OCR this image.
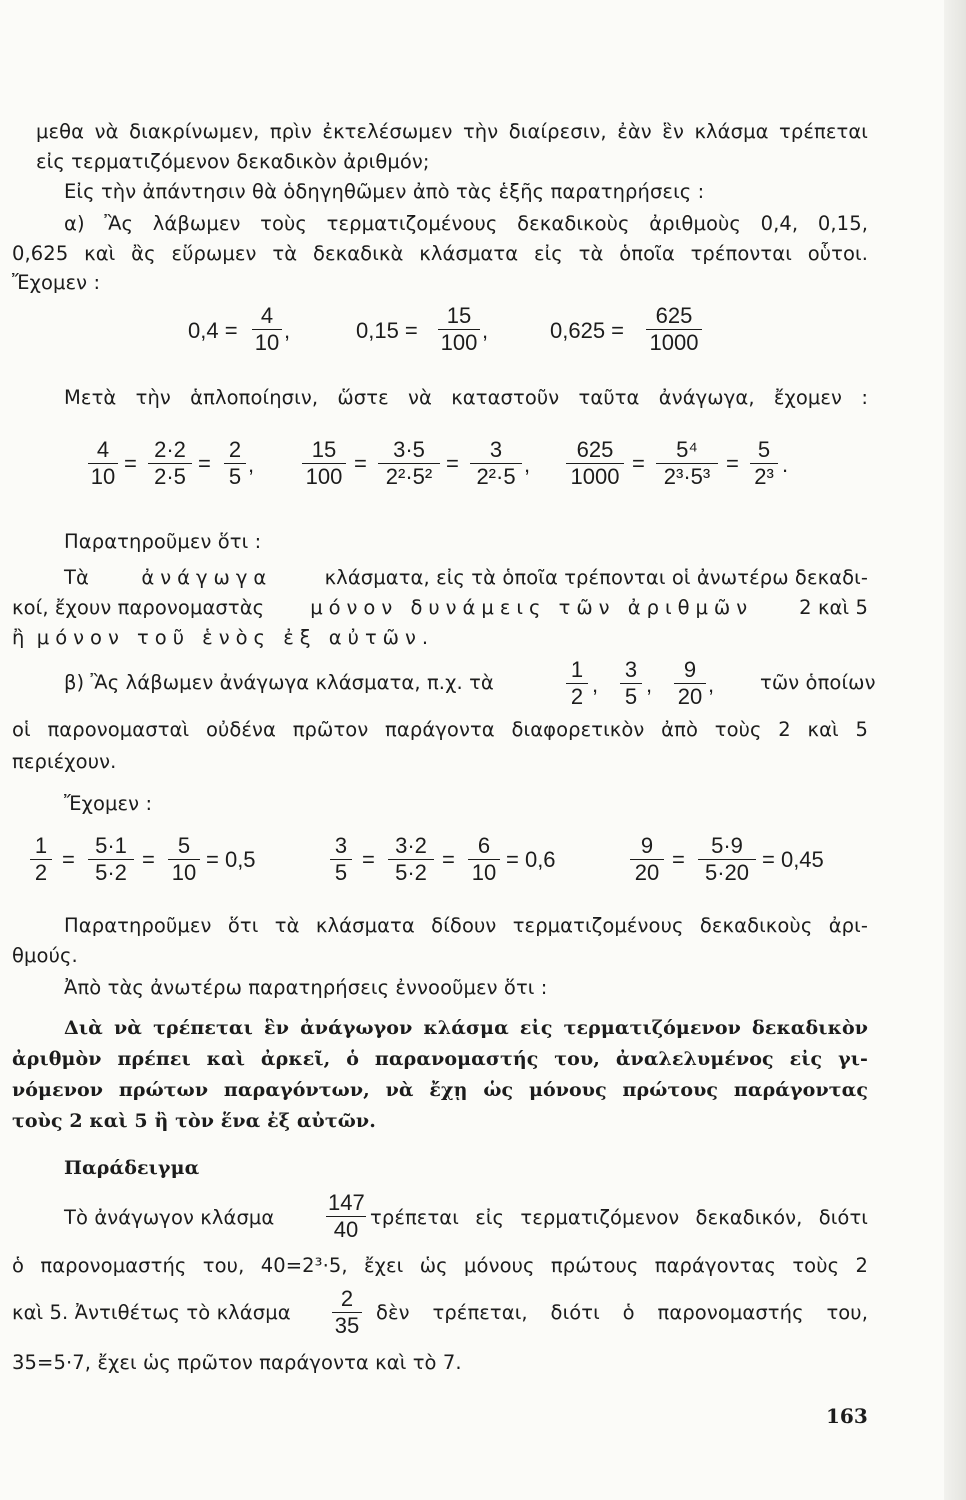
μεθα νὰ διακρίνωμεν, πρὶν ἐκτελέσωμεν τὴν διαίρεσιν, ἐὰν ἓν κλάσμα τρέπεται
εἰς τερματιζόμενον δεκαδικὸν ἀριθμόν;
Εἰς τὴν ἀπάντησιν θὰ ὁδηγηθῶμεν ἀπὸ τὰς ἑξῆς παρατηρήσεις :
α) Ἂς λάβωμεν τοὺς τερματιζομένους δεκαδικοὺς ἀριθμοὺς 0,4, 0,15,
0,625 καὶ ἂς εὕρωμεν τὰ δεκαδικὰ κλάσματα εἰς τὰ ὁποῖα τρέπονται οὗτοι.
Ἔχομεν :
$0,4 = \frac{4}{10}$ ,	$0,15 = \frac{15}{100}$ ,	$0,625 = \frac{625}{1000}$
Μετὰ τὴν ἁπλοποίησιν, ὥστε νὰ καταστοῦν ταῦτα ἀνάγωγα, ἔχομεν :
$\frac{4}{10} = \frac{2\cdot 2}{2\cdot 5} = \frac{2}{5}$ , $\frac{15}{100} = \frac{3\cdot 5}{\text{2²·5²}} = \frac{3}{\text{2²·5}}$ , $\frac{625}{1000} = \frac{\text{5⁴}}{\text{2³·5³}} = \frac{5}{\text{2³}}$ .
Παρατηροῦμεν ὅτι :
Τὰ	ἀνάγωγα	κλάσματα, εἰς τὰ ὁποῖα τρέπονται οἱ ἀνωτέρω δεκαδι-
κοί, ἔχουν παρονομαστὰς μόνον δυνάμεις τῶν ἀριθμῶν 2 καὶ 5
ἢ μόνον τοῦ ἑνὸς ἐξ αὐτῶν.
β) Ἂς λάβωμεν ἀνάγωγα κλάσματα, π.χ. τὰ	$\frac{1}{2}$ , $\frac{3}{5}$ , $\frac{9}{20}$ , τῶν ὁποίων
οἱ παρονομασταὶ οὐδένα πρῶτον παράγοντα διαφορετικὸν ἀπὸ τοὺς 2 καὶ 5
περιέχουν.
Ἔχομεν :
$\frac{1}{2} = \frac{5\cdot 1}{5\cdot 2} = \frac{5}{10} = 0,5$	$\frac{3}{5} = \frac{3\cdot 2}{5\cdot 2} = \frac{6}{10} = 0,6$	$\frac{9}{20} = \frac{5\cdot 9}{5\cdot 20} = 0,45$
Παρατηροῦμεν ὅτι τὰ κλάσματα δίδουν τερματιζομένους δεκαδικοὺς ἀρι-
θμούς.
Ἀπὸ τὰς ἀνωτέρω παρατηρήσεις ἐννοοῦμεν ὅτι :
Διὰ νὰ τρέπεται ἓν ἀνάγωγον κλάσμα εἰς τερματιζόμενον δεκαδικὸν
ἀριθμὸν πρέπει καὶ ἀρκεῖ, ὁ παρανομαστής του, ἀναλελυμένος εἰς γι-
νόμενον πρώτων παραγόντων, νὰ ἔχῃ ὡς μόνους πρώτους παράγοντας
τοὺς 2 καὶ 5 ἢ τὸν ἕνα ἐξ αὐτῶν.
Παράδειγμα
Τὸ ἀνάγωγον κλάσμα $\frac{147}{40}$ τρέπεται εἰς τερματιζόμενον δεκαδικόν, διότι
ὁ παρονομαστής του, 40=2³·5, ἔχει ὡς μόνους πρώτους παράγοντας τοὺς 2
καὶ 5. Ἀντιθέτως τὸ κλάσμα $\frac{2}{35}$ δὲν τρέπεται, διότι ὁ παρονομαστής του,
35=5·7, ἔχει ὡς πρῶτον παράγοντα καὶ τὸ 7.
163
